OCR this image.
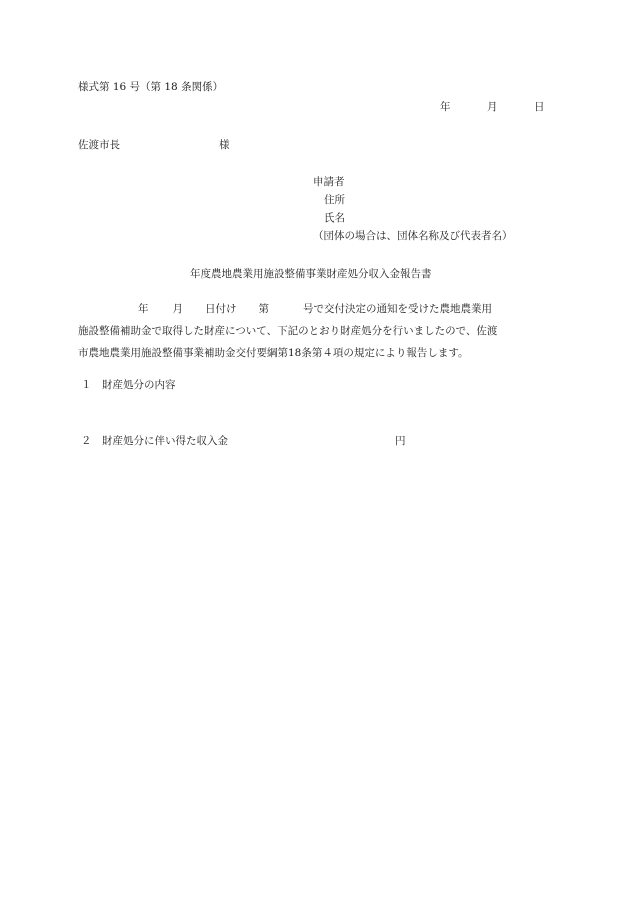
様式第 16 号（第 18 条関係）
年	月	日
佐渡市長	様
申請者
住所
氏名
（団体の場合は、団体名称及び代表者名）
年度農地農業用施設整備事業財産処分収入金報告書
年 月 日付け 第	号で交付決定の通知を受けた農地農業用
施設整備補助金で取得した財産について、下記のとおり財産処分を行いましたので、佐渡
市農地農業用施設整備事業補助金交付要綱第18条第４項の規定により報告します。
１ 財産処分の内容
２ 財産処分に伴い得た収入金	円
